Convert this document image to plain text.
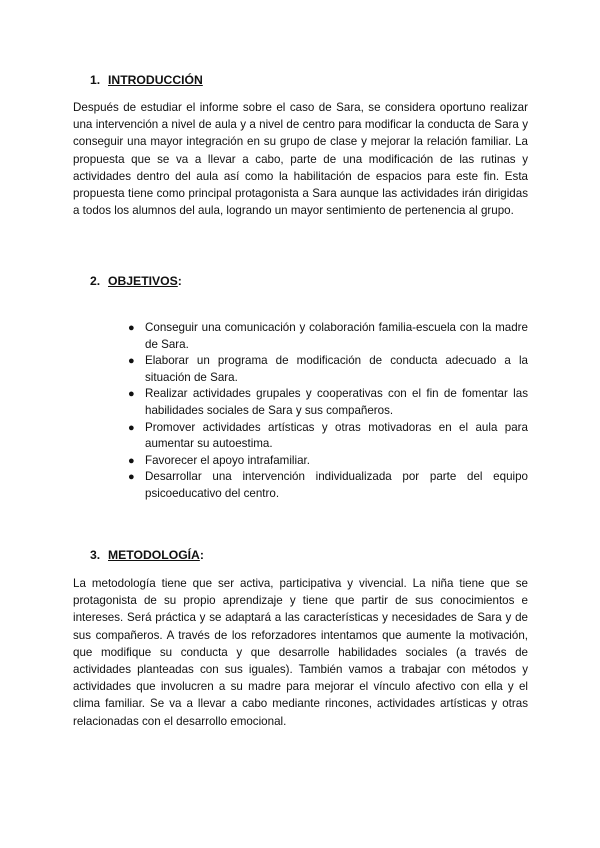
1. INTRODUCCIÓN

Después de estudiar el informe sobre el caso de Sara, se considera oportuno realizar una intervención a nivel de aula y a nivel de centro para modificar la conducta de Sara y conseguir una mayor integración en su grupo de clase y mejorar la relación familiar. La propuesta que se va a llevar a cabo, parte de una modificación de las rutinas y actividades dentro del aula así como la habilitación de espacios para este fin. Esta propuesta tiene como principal protagonista a Sara aunque las actividades irán dirigidas a todos los alumnos del aula, logrando un mayor sentimiento de pertenencia al grupo.

2. OBJETIVOS:
● Conseguir una comunicación y colaboración familia-escuela con la madre de Sara.
● Elaborar un programa de modificación de conducta adecuado a la situación de Sara.
● Realizar actividades grupales y cooperativas con el fin de fomentar las habilidades sociales de Sara y sus compañeros.
● Promover actividades artísticas y otras motivadoras en el aula para aumentar su autoestima.
● Favorecer el apoyo intrafamiliar.
● Desarrollar una intervención individualizada por parte del equipo psicoeducativo del centro.
3. METODOLOGÍA:

La metodología tiene que ser activa, participativa y vivencial. La niña tiene que se protagonista de su propio aprendizaje y tiene que partir de sus conocimientos e intereses. Será práctica y se adaptará a las características y necesidades de Sara y de sus compañeros. A través de los reforzadores intentamos que aumente la motivación, que modifique su conducta y que desarrolle habilidades sociales (a través de actividades planteadas con sus iguales). También vamos a trabajar con métodos y actividades que involucren a su madre para mejorar el vínculo afectivo con ella y el clima familiar. Se va a llevar a cabo mediante rincones, actividades artísticas y otras relacionadas con el desarrollo emocional.
